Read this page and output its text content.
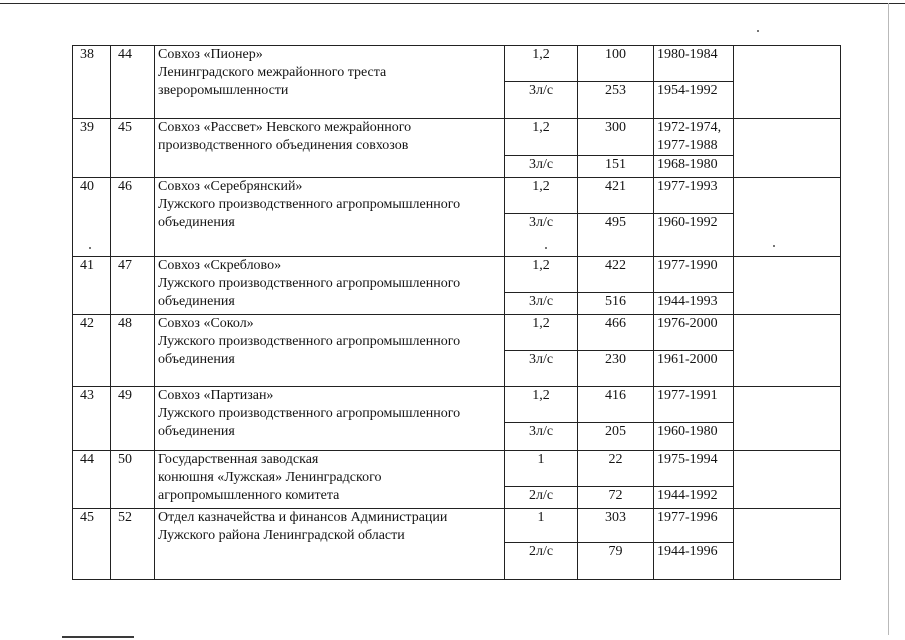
38	44	Совхоз «Пионер»
Ленинградского межрайонного треста
звероромышленности	1,2	100	1980-1984	

			3л/с	253	1954-1992	

39	45	Совхоз «Рассвет» Невского межрайонного
производственного объединения совхозов	1,2	300	1972-1974,
1977-1988	

			3л/с	151	1968-1980	

40	46	Совхоз «Серебрянский»
Лужского производственного агропромышленного
объединения	1,2	421	1977-1993	

			3л/с	495	1960-1992	

41	47	Совхоз «Скреблово»
Лужского производственного агропромышленного
объединения	1,2	422	1977-1990	

			3л/с	516	1944-1993	

42	48	Совхоз «Сокол»
Лужского производственного агропромышленного
объединения	1,2	466	1976-2000	

			3л/с	230	1961-2000	

43	49	Совхоз «Партизан»
Лужского производственного агропромышленного
объединения	1,2	416	1977-1991	

			3л/с	205	1960-1980	

44	50	Государственная заводская
конюшня «Лужская» Ленинградского
агропромышленного комитета	1	22	1975-1994	

			2л/с	72	1944-1992	

45	52	Отдел казначейства и финансов Администрации
Лужского района Ленинградской области	1	303	1977-1996	

			2л/с	79	1944-1996	
